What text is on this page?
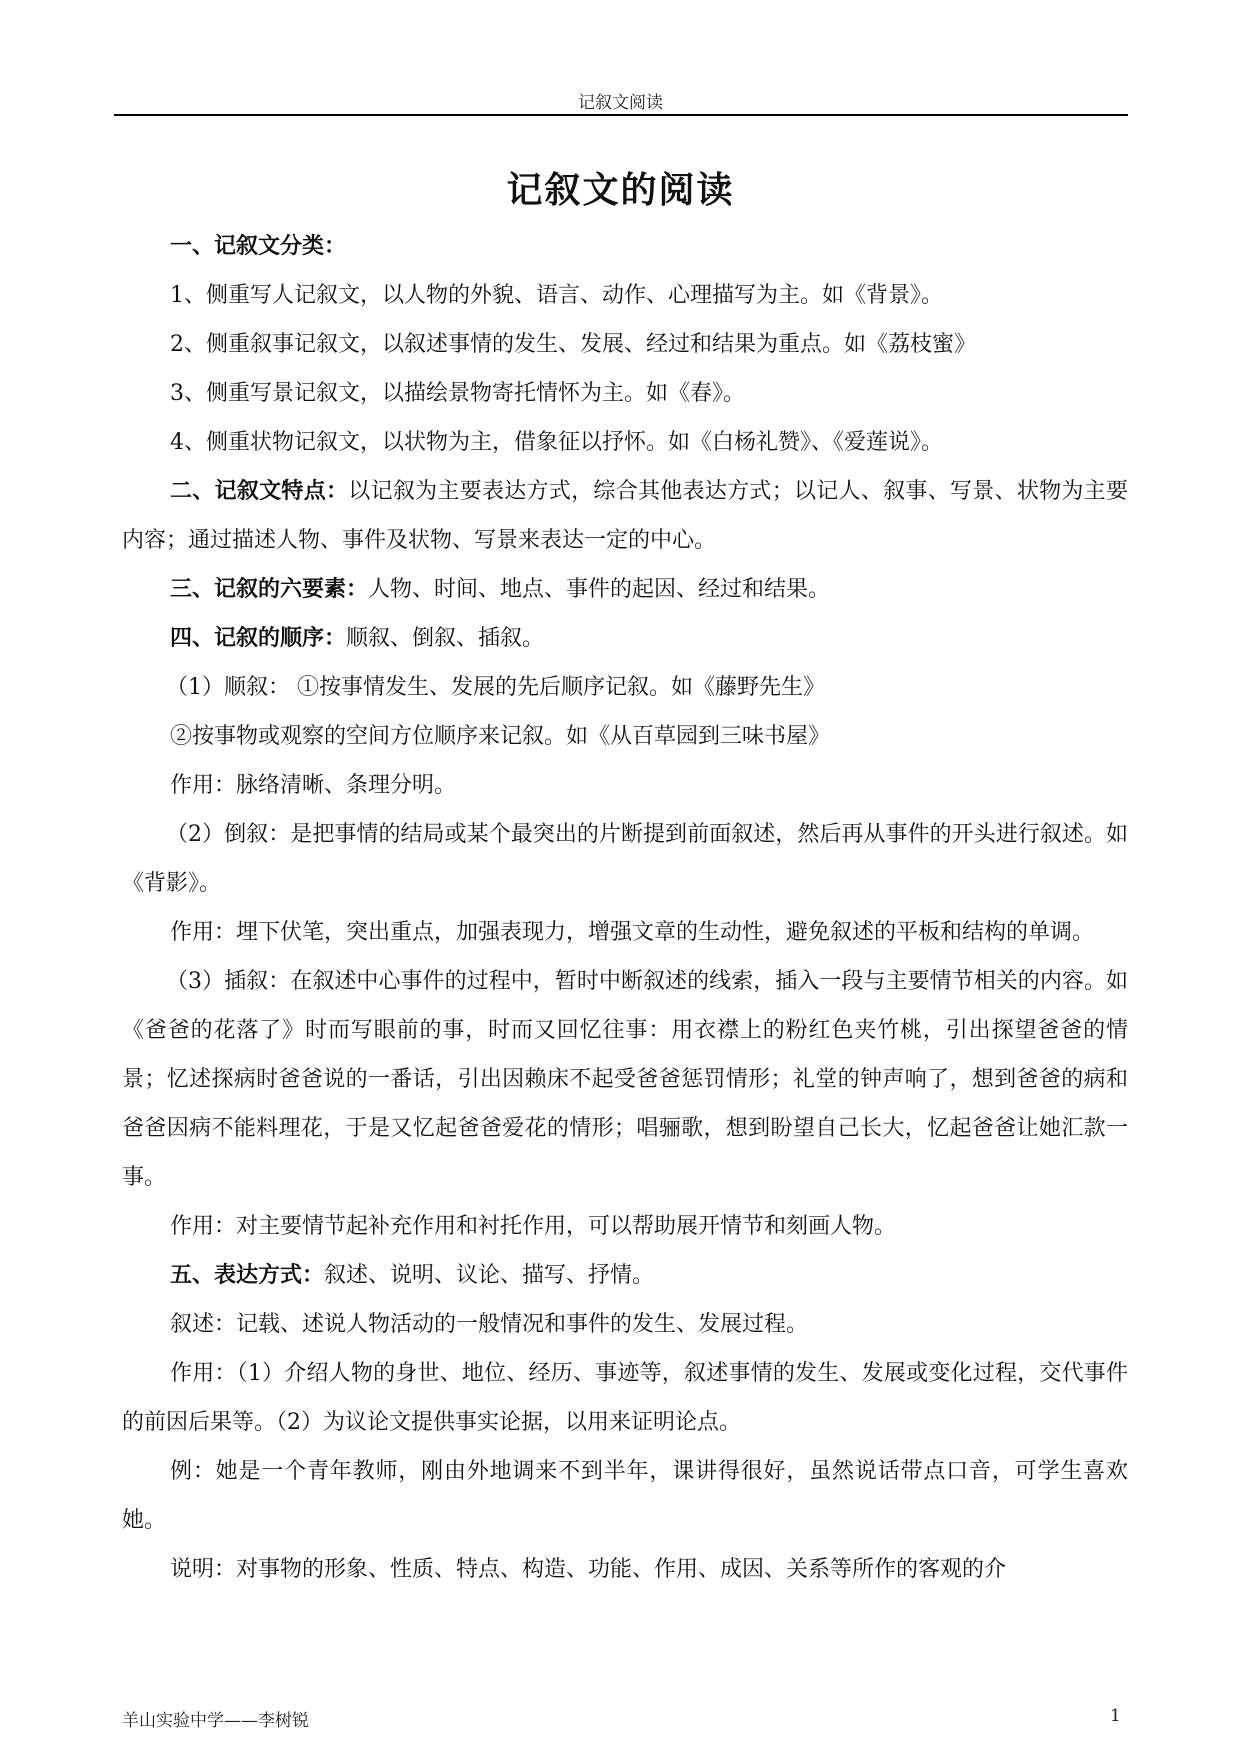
记叙文阅读
记叙文的阅读

一、记叙文分类：

1、侧重写人记叙文，以人物的外貌、语言、动作、心理描写为主。如《背景》。

2、侧重叙事记叙文，以叙述事情的发生、发展、经过和结果为重点。如《荔枝蜜》

3、侧重写景记叙文，以描绘景物寄托情怀为主。如《春》。

4、侧重状物记叙文，以状物为主，借象征以抒怀。如《白杨礼赞》、《爱莲说》。

二、记叙文特点：以记叙为主要表达方式，综合其他表达方式；以记人、叙事、写景、状物为主要内容；通过描述人物、事件及状物、写景来表达一定的中心。

三、记叙的六要素：人物、时间、地点、事件的起因、经过和结果。

四、记叙的顺序：顺叙、倒叙、插叙。

（1）顺叙： ①按事情发生、发展的先后顺序记叙。如《藤野先生》

②按事物或观察的空间方位顺序来记叙。如《从百草园到三味书屋》

作用：脉络清晰、条理分明。

（2）倒叙：是把事情的结局或某个最突出的片断提到前面叙述，然后再从事件的开头进行叙述。如《背影》。

作用：埋下伏笔，突出重点，加强表现力，增强文章的生动性，避免叙述的平板和结构的单调。

（3）插叙：在叙述中心事件的过程中，暂时中断叙述的线索，插入一段与主要情节相关的内容。如《爸爸的花落了》时而写眼前的事，时而又回忆往事：用衣襟上的粉红色夹竹桃，引出探望爸爸的情景；忆述探病时爸爸说的一番话，引出因赖床不起受爸爸惩罚情形；礼堂的钟声响了，想到爸爸的病和爸爸因病不能料理花，于是又忆起爸爸爱花的情形；唱骊歌，想到盼望自己长大，忆起爸爸让她汇款一事。

作用：对主要情节起补充作用和衬托作用，可以帮助展开情节和刻画人物。

五、表达方式：叙述、说明、议论、描写、抒情。

叙述：记载、述说人物活动的一般情况和事件的发生、发展过程。

作用：（1）介绍人物的身世、地位、经历、事迹等，叙述事情的发生、发展或变化过程，交代事件的前因后果等。（2）为议论文提供事实论据，以用来证明论点。

例：她是一个青年教师，刚由外地调来不到半年，课讲得很好，虽然说话带点口音，可学生喜欢她。

说明：对事物的形象、性质、特点、构造、功能、作用、成因、关系等所作的客观的介

羊山实验中学——李树锐	1
